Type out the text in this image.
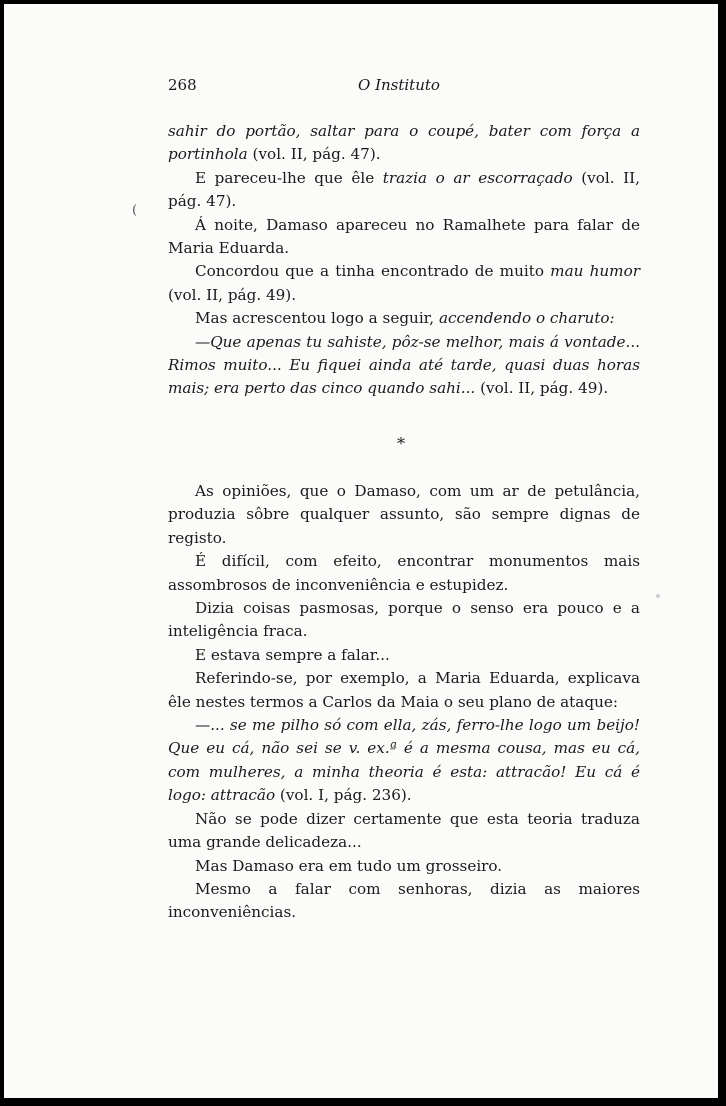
268	O Instituto
(

sahir do portão, saltar para o coupé, bater com força a portinhola (vol. II, pág. 47).

E pareceu-lhe que êle trazia o ar escorraçado (vol. II, pág. 47).

Á noite, Damaso apareceu no Ramalhete para falar de Maria Eduarda.

Concordou que a tinha encontrado de muito mau humor (vol. II, pág. 49).

Mas acrescentou logo a seguir, accendendo o charuto:

—Que apenas tu sahiste, pôz-se melhor, mais á vontade... Rimos muito... Eu fiquei ainda até tarde, quasi duas horas mais; era perto das cinco quando sahi... (vol. II, pág. 49).

*

As opiniões, que o Damaso, com um ar de petulância, produzia sôbre qualquer assunto, são sempre dignas de registo.

É difícil, com efeito, encontrar monumentos mais assombrosos de inconveniência e estupidez.

Dizia coisas pasmosas, porque o senso era pouco e a inteligência fraca.

E estava sempre a falar...

Referindo-se, por exemplo, a Maria Eduarda, explicava êle nestes termos a Carlos da Maia o seu plano de ataque:

—... se me pilho só com ella, zás, ferro-lhe logo um beijo! Que eu cá, não sei se v. ex.ª é a mesma cousa, mas eu cá, com mulheres, a minha theoria é esta: attracão! Eu cá é logo: attracão (vol. I, pág. 236).

Não se pode dizer certamente que esta teoria traduza uma grande delicadeza...

Mas Damaso era em tudo um grosseiro.

Mesmo a falar com senhoras, dizia as maiores inconveniências.
